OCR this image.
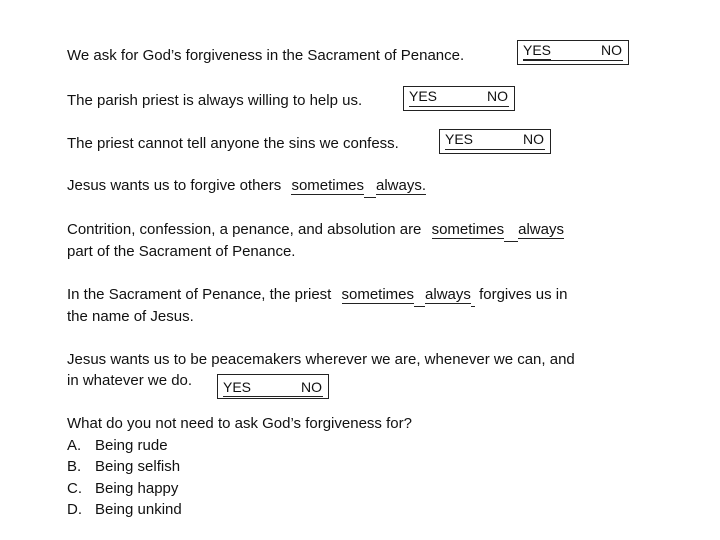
We ask for God’s forgiveness in the Sacrament of Penance.	YES	NO
The parish priest is always willing to help us.	YES	NO
The priest cannot tell anyone the sins we confess.	YES	NO
Jesus wants us to forgive others sometimes always.
Contrition, confession, a penance, and absolution are sometimes always
part of the Sacrament of Penance.
In the Sacrament of Penance, the priest sometimes always forgives us in
the name of Jesus.
Jesus wants us to be peacemakers wherever we are, whenever we can, and
in whatever we do. YES	NO
What do you not need to ask God’s forgiveness for?
A. Being rude
B. Being selfish
C. Being happy
D. Being unkind
